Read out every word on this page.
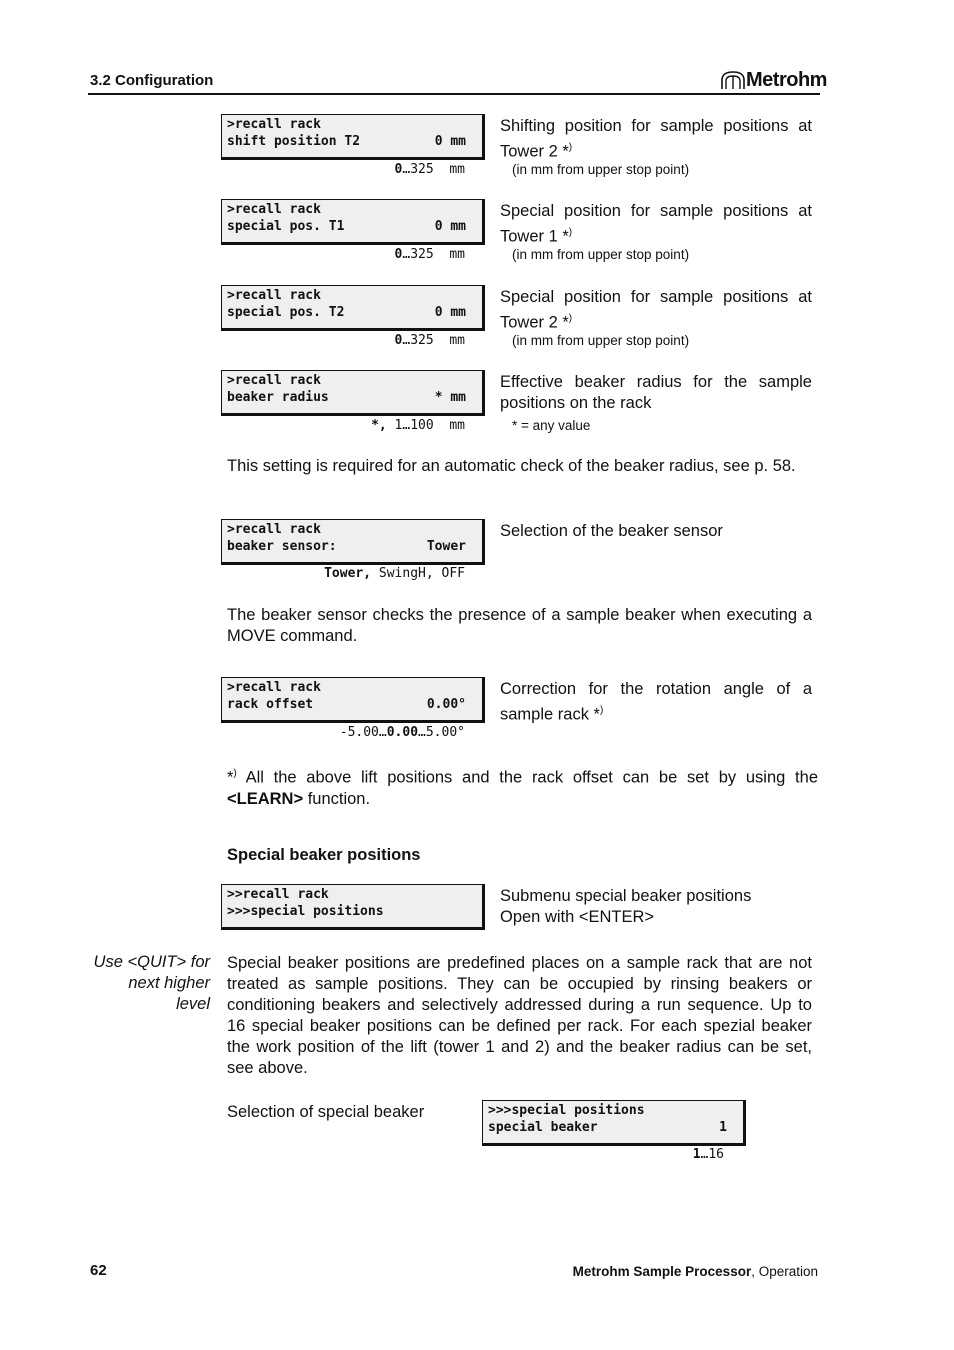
3.2 Configuration	Metrohm
>recall rack
shift position T2	0 mm
0…325  mm
Shifting position for sample positions at Tower 2 *)
(in mm from upper stop point)
>recall rack
special pos. T1	0 mm
0…325  mm
Special position for sample positions at Tower 1 *)
(in mm from upper stop point)
>recall rack
special pos. T2	0 mm
0…325  mm
Special position for sample positions at Tower 2 *)
(in mm from upper stop point)
>recall rack
beaker radius	* mm
*, 1…100  mm
Effective beaker radius for the sample positions on the rack
* = any value
This setting is required for an automatic check of the beaker radius, see p. 58.
>recall rack
beaker sensor:	Tower
Tower, SwingH, OFF
Selection of the beaker sensor
The beaker sensor checks the presence of a sample beaker when executing a MOVE command.
>recall rack
rack offset	0.00°
-5.00…0.00…5.00°
Correction for the rotation angle of a sample rack *)
*) All the above lift positions and the rack offset can be set by using the <LEARN> function.
Special beaker positions
>>recall rack
>>>special positions
Submenu special beaker positions
Open with <ENTER>
Use <QUIT> for next higher level
Special beaker positions are predefined places on a sample rack that are not treated as sample positions. They can be occupied by rinsing beakers or conditioning beakers and selectively addressed during a run sequence. Up to 16 special beaker positions can be defined per rack. For each spezial beaker the work position of the lift (tower 1 and 2) and the beaker radius can be set, see above.
Selection of special beaker	>>>special positions
special beaker	1
1…16
62	Metrohm Sample Processor, Operation
